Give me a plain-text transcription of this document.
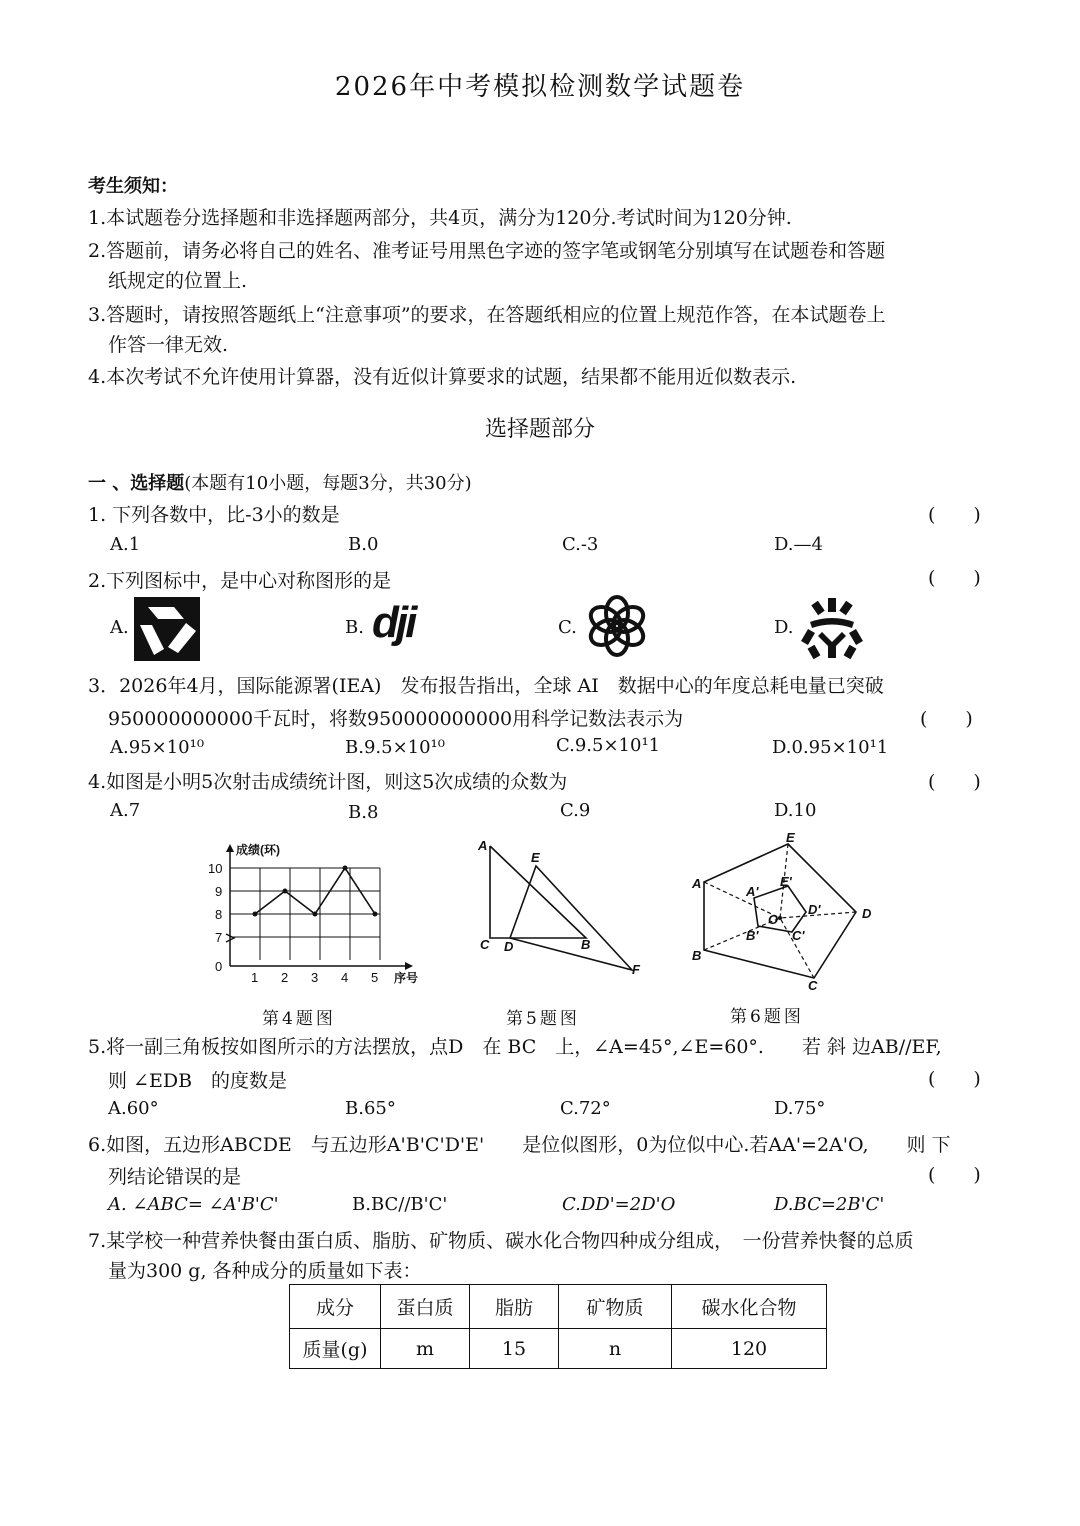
2026年中考模拟检测数学试题卷
考生须知：
1.本试题卷分选择题和非选择题两部分，共4页，满分为120分.考试时间为120分钟.
2.答题前，请务必将自己的姓名、准考证号用黑色字迹的签字笔或钢笔分别填写在试题卷和答题
纸规定的位置上.
3.答题时，请按照答题纸上“注意事项”的要求，在答题纸相应的位置上规范作答，在本试题卷上
作答一律无效.
4.本次考试不允许使用计算器，没有近似计算要求的试题，结果都不能用近似数表示.
选择题部分
一 、选择题(本题有10小题，每题3分，共30分)
1. 下列各数中，比-3小的数是	(　　)
A.1	B.0	C.-3	D.—4
2.下列图标中，是中心对称图形的是	(　　)
A.	B. dji	C.	D.
3．2026年4月，国际能源署(IEA)　发布报告指出，全球 AI　数据中心的年度总耗电量已突破
950000000000千瓦时，将数950000000000用科学记数法表示为	(　　)
A.95×10¹⁰	B.9.5×10¹⁰	C.9.5×10¹1	D.0.95×10¹1
4.如图是小明5次射击成绩统计图，则这5次成绩的众数为	(　　)
A.7	B.8	C.9	D.10
0
7
8
9
10
1 2 3 4 5
成绩(环)
序号
A
E
C D	B
F
E
A
A'
E'
D'
O	D
B'	C'
B
C
第4题图	第5题图	第6题图
5.将一副三角板按如图所示的方法摆放，点D　在 BC　上，∠A=45°,∠E=60°.　　若 斜 边AB//EF,
则 ∠EDB　的度数是	(　　)
A.60°	B.65°	C.72°	D.75°
6.如图，五边形ABCDE　与五边形A'B'C'D'E'　　是位似图形，0为位似中心.若AA'=2A'O,　　则 下
列结论错误的是	(　　)
A. ∠ABC= ∠A'B'C'	B.BC//B'C'	C.DD'=2D'O	D.BC=2B'C'
7.某学校一种营养快餐由蛋白质、脂肪、矿物质、碳水化合物四种成分组成，　一份营养快餐的总质
量为300 g, 各种成分的质量如下表：
成分	蛋白质	脂肪	矿物质	碳水化合物
质量(g)	m	15	n	120
